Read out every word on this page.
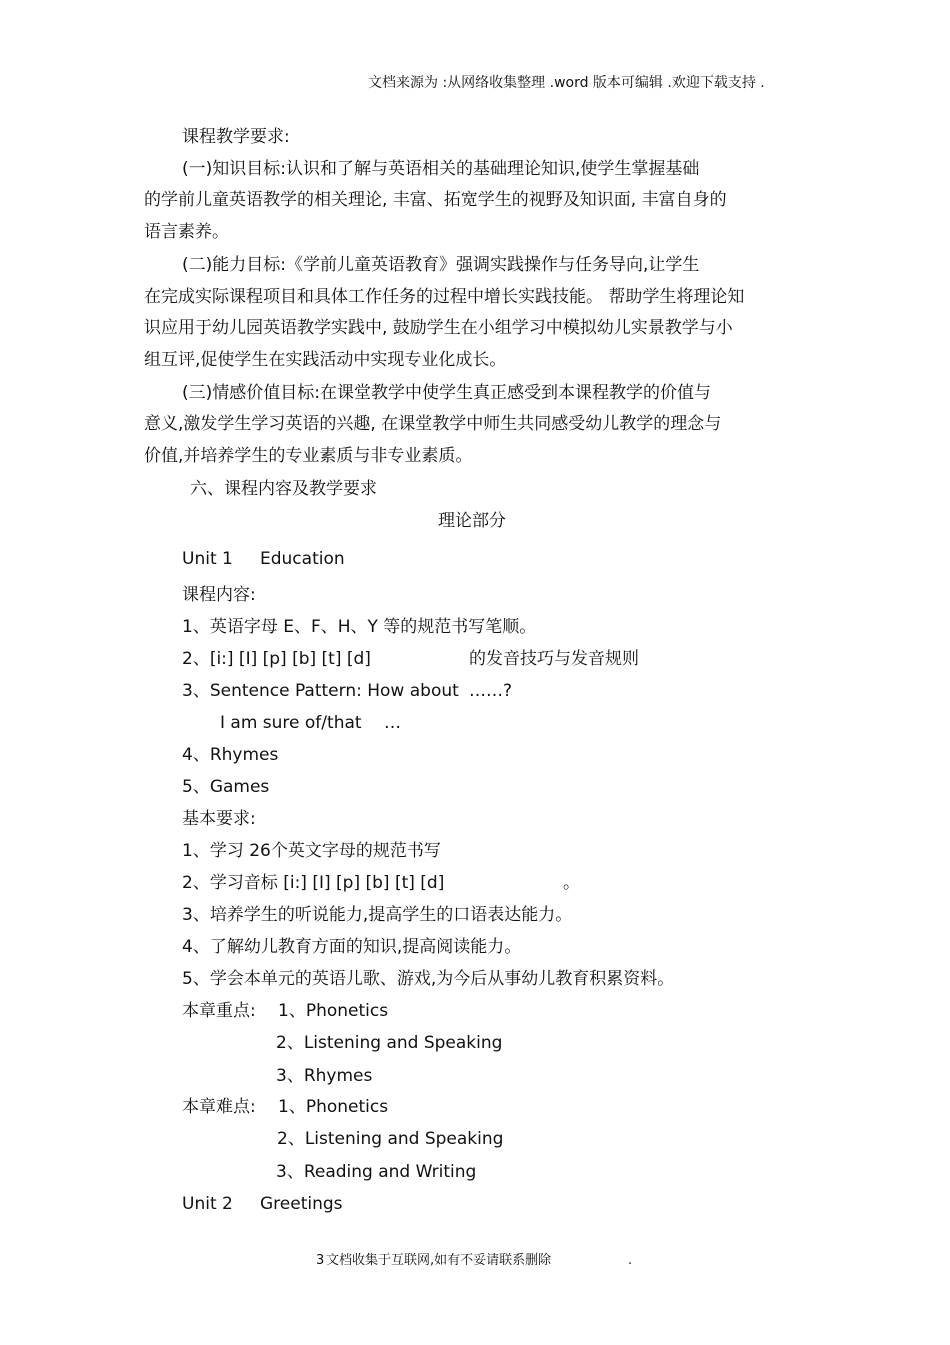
文档来源为 :从网络收集整理 .word 版本可编辑 .欢迎下载支持 .
课程教学要求:
(一)知识目标:认识和了解与英语相关的基础理论知识,使学生掌握基础
的学前儿童英语教学的相关理论, 丰富、拓宽学生的视野及知识面, 丰富自身的
语言素养。
(二)能力目标:《学前儿童英语教育》强调实践操作与任务导向,让学生
在完成实际课程项目和具体工作任务的过程中增长实践技能。 帮助学生将理论知
识应用于幼儿园英语教学实践中, 鼓励学生在小组学习中模拟幼儿实景教学与小
组互评,促使学生在实践活动中实现专业化成长。
(三)情感价值目标:在课堂教学中使学生真正感受到本课程教学的价值与
意义,激发学生学习英语的兴趣, 在课堂教学中师生共同感受幼儿教学的理念与
价值,并培养学生的专业素质与非专业素质。
六、课程内容及教学要求
理论部分
Unit 1 Education
课程内容:
1、英语字母 E、F、H、Y 等的规范书写笔顺。
2、[i:] [I] [p] [b] [t] [d]	的发音技巧与发音规则
3、Sentence Pattern: How about ……?
I am sure of/that …
4、Rhymes
5、Games
基本要求:
1、学习 26个英文字母的规范书写
2、学习音标 [i:] [I] [p] [b] [t] [d]	。
3、培养学生的听说能力,提高学生的口语表达能力。
4、了解幼儿教育方面的知识,提高阅读能力。
5、学会本单元的英语儿歌、游戏,为今后从事幼儿教育积累资料。
本章重点: 1、Phonetics
2、Listening and Speaking
3、Rhymes
本章难点: 1、Phonetics
2、Listening and Speaking
3、Reading and Writing
Unit 2 Greetings
3 文档收集于互联网,如有不妥请联系删除	.
